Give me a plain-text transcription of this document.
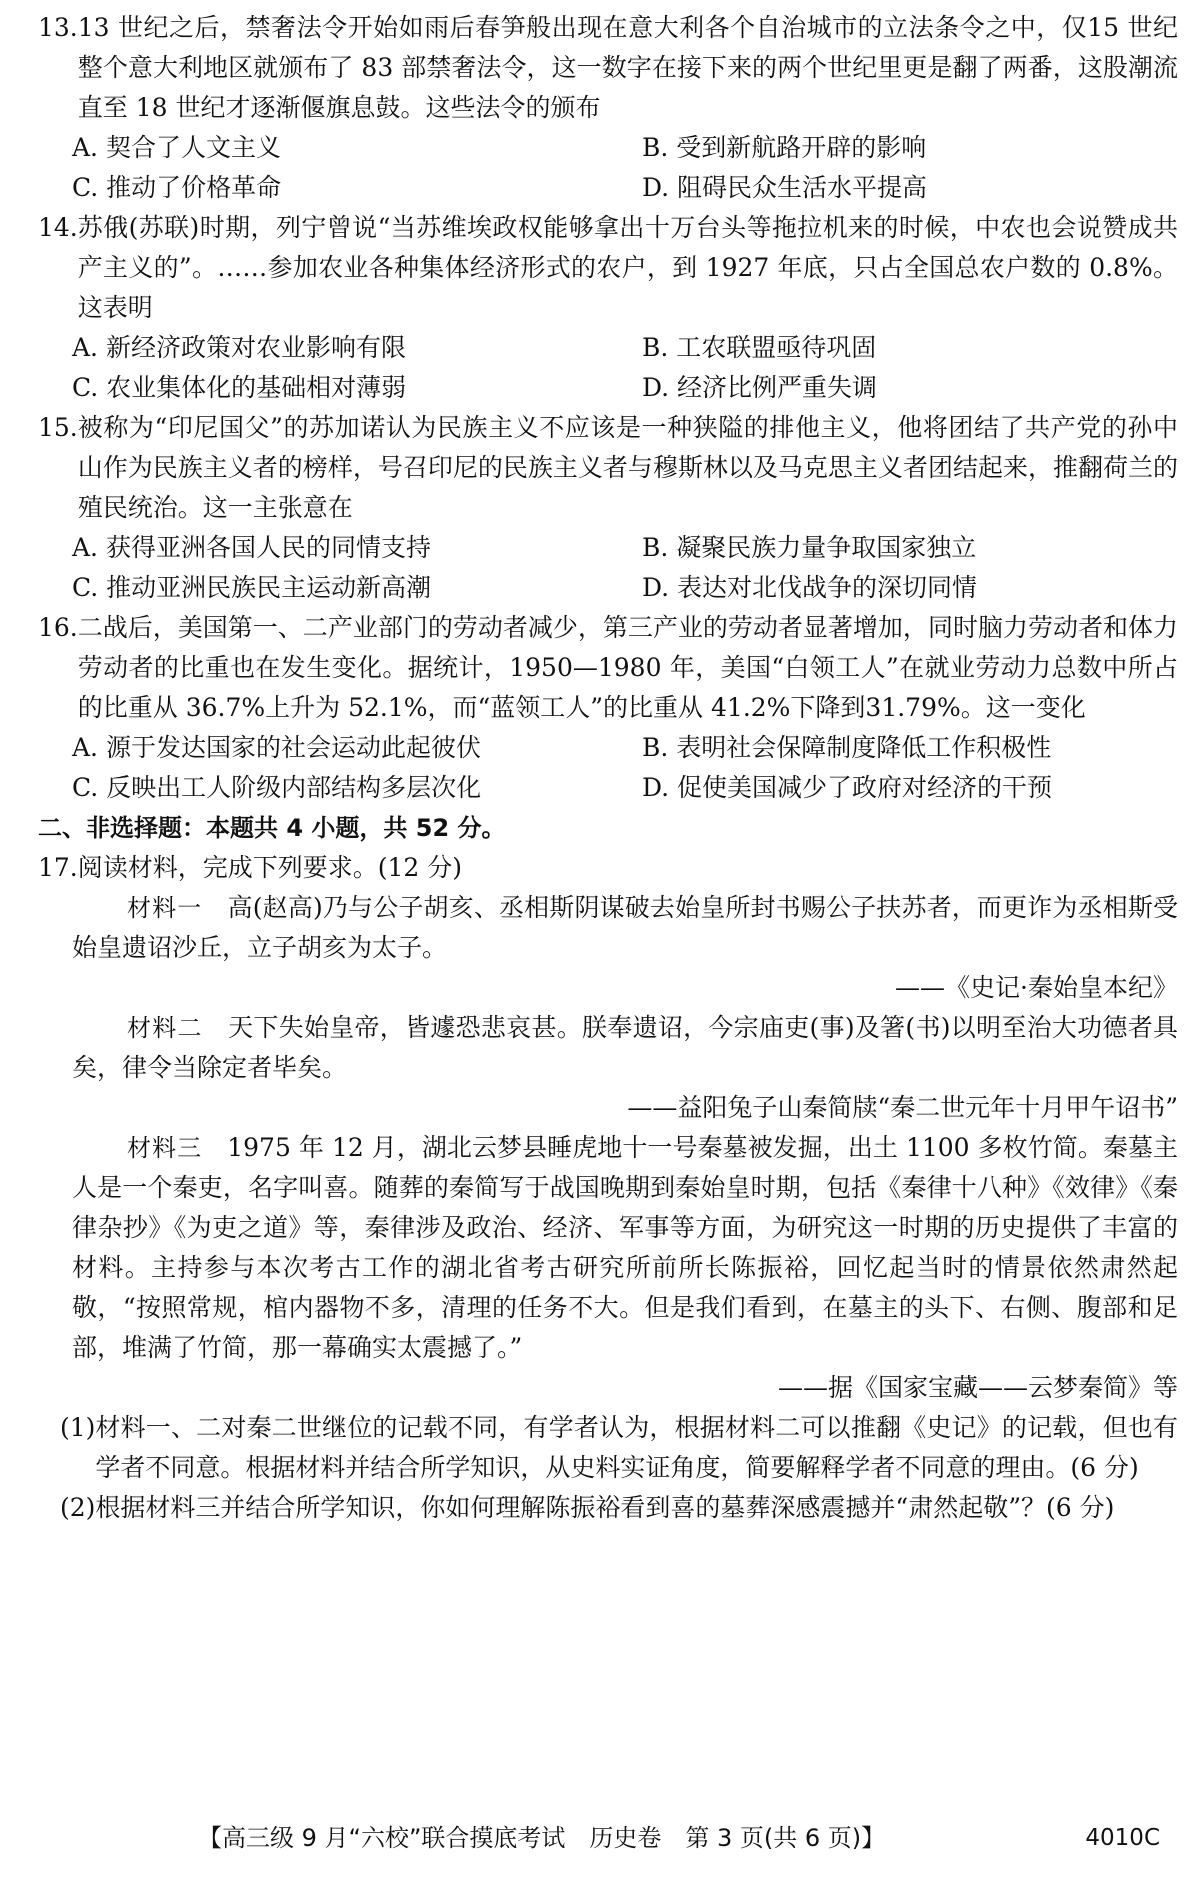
13. 13 世纪之后，禁奢法令开始如雨后春笋般出现在意大利各个自治城市的立法条令之中，仅15 世纪整个意大利地区就颁布了 83 部禁奢法令，这一数字在接下来的两个世纪里更是翻了两番，这股潮流直至 18 世纪才逐渐偃旗息鼓。这些法令的颁布
A. 契合了人文主义	B. 受到新航路开辟的影响
C. 推动了价格革命	D. 阻碍民众生活水平提高
14. 苏俄(苏联)时期，列宁曾说“当苏维埃政权能够拿出十万台头等拖拉机来的时候，中农也会说赞成共产主义的”。……参加农业各种集体经济形式的农户，到 1927 年底，只占全国总农户数的 0.8%。这表明
A. 新经济政策对农业影响有限	B. 工农联盟亟待巩固
C. 农业集体化的基础相对薄弱	D. 经济比例严重失调
15. 被称为“印尼国父”的苏加诺认为民族主义不应该是一种狭隘的排他主义，他将团结了共产党的孙中山作为民族主义者的榜样，号召印尼的民族主义者与穆斯林以及马克思主义者团结起来，推翻荷兰的殖民统治。这一主张意在
A. 获得亚洲各国人民的同情支持	B. 凝聚民族力量争取国家独立
C. 推动亚洲民族民主运动新高潮	D. 表达对北伐战争的深切同情
16. 二战后，美国第一、二产业部门的劳动者减少，第三产业的劳动者显著增加，同时脑力劳动者和体力劳动者的比重也在发生变化。据统计，1950—1980 年，美国“白领工人”在就业劳动力总数中所占的比重从 36.7%上升为 52.1%，而“蓝领工人”的比重从 41.2%下降到31.79%。这一变化
A. 源于发达国家的社会运动此起彼伏	B. 表明社会保障制度降低工作积极性
C. 反映出工人阶级内部结构多层次化	D. 促使美国减少了政府对经济的干预

二、非选择题：本题共 4 小题，共 52 分。

17. 阅读材料，完成下列要求。(12 分)

材料一　 高(赵高)乃与公子胡亥、丞相斯阴谋破去始皇所封书赐公子扶苏者，而更诈为丞相斯受始皇遗诏沙丘，立子胡亥为太子。

——《史记·秦始皇本纪》

材料二　 天下失始皇帝，皆遽恐悲哀甚。朕奉遗诏，今宗庙吏(事)及箸(书)以明至治大功德者具矣，律令当除定者毕矣。

——益阳兔子山秦简牍“秦二世元年十月甲午诏书”

材料三　 1975 年 12 月，湖北云梦县睡虎地十一号秦墓被发掘，出土 1100 多枚竹简。秦墓主人是一个秦吏，名字叫喜。随葬的秦简写于战国晚期到秦始皇时期，包括《秦律十八种》《效律》《秦律杂抄》《为吏之道》等，秦律涉及政治、经济、军事等方面，为研究这一时期的历史提供了丰富的材料。主持参与本次考古工作的湖北省考古研究所前所长陈振裕，回忆起当时的情景依然肃然起敬，“按照常规，棺内器物不多，清理的任务不大。但是我们看到，在墓主的头下、右侧、腹部和足部，堆满了竹简，那一幕确实太震撼了。”

——据《国家宝藏——云梦秦简》等

(1) 材料一、二对秦二世继位的记载不同，有学者认为，根据材料二可以推翻《史记》的记载，但也有学者不同意。根据材料并结合所学知识，从史料实证角度，简要解释学者不同意的理由。(6 分)
(2) 根据材料三并结合所学知识，你如何理解陈振裕看到喜的墓葬深感震撼并“肃然起敬”？(6 分)
【高三级 9 月“六校”联合摸底考试　历史卷　第 3 页(共 6 页)】	4010C
